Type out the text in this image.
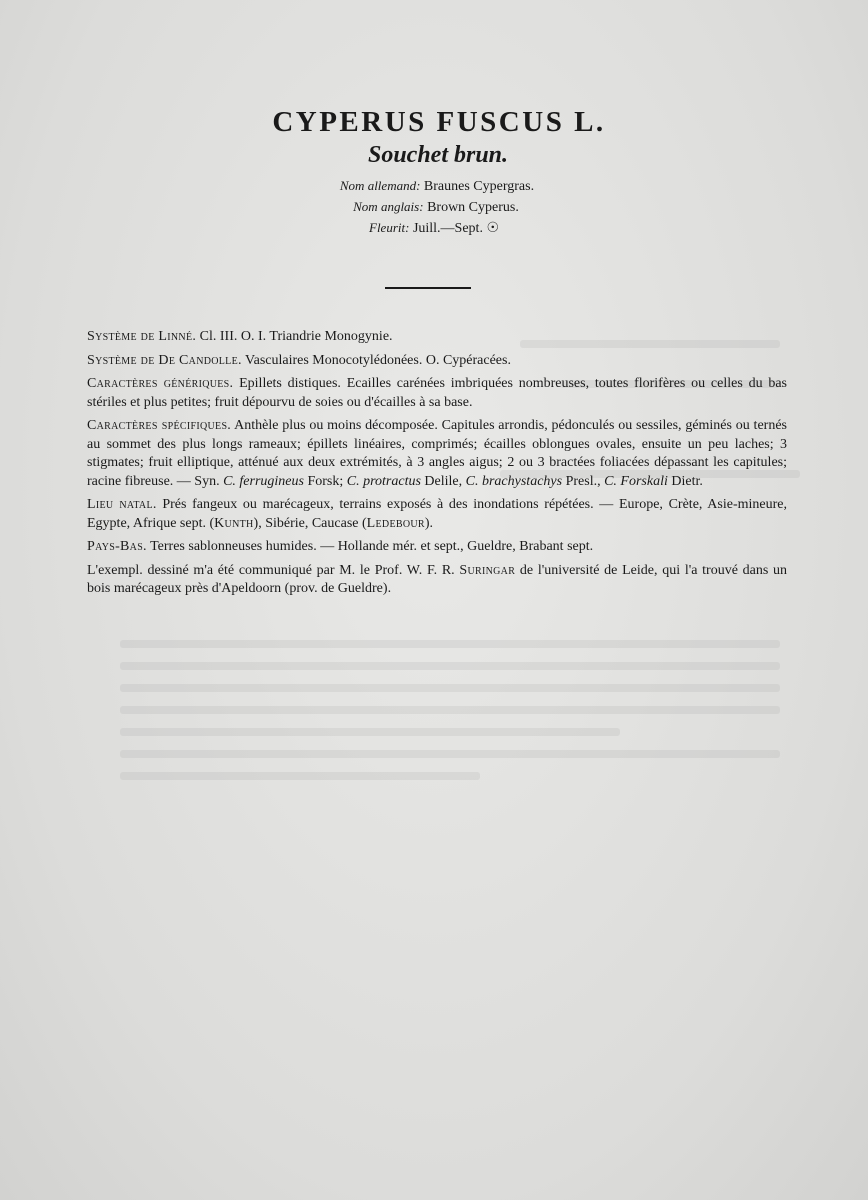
CYPERUS FUSCUS L.
Souchet brun.
Nom allemand: Braunes Cypergras.
Nom anglais: Brown Cyperus.
Fleurit: Juill.—Sept. ☉

Système de Linné. Cl. III. O. I. Triandrie Monogynie.

Système de De Candolle. Vasculaires Monocotylédonées. O. Cypéracées.

Caractères génériques. Epillets distiques. Ecailles carénées imbriquées nombreuses, toutes florifères ou celles du bas stériles et plus petites; fruit dépourvu de soies ou d'écailles à sa base.

Caractères spécifiques. Anthèle plus ou moins décomposée. Capitules arrondis, pédonculés ou sessiles, géminés ou ternés au sommet des plus longs rameaux; épillets linéaires, comprimés; écailles oblongues ovales, ensuite un peu laches; 3 stigmates; fruit elliptique, atténué aux deux extrémités, à 3 angles aigus; 2 ou 3 bractées foliacées dépassant les capitules; racine fibreuse. — Syn. C. ferrugineus Forsk; C. protractus Delile, C. brachystachys Presl., C. Forskali Dietr.

Lieu natal. Prés fangeux ou marécageux, terrains exposés à des inondations répétées. — Europe, Crète, Asie-mineure, Egypte, Afrique sept. (Kunth), Sibérie, Caucase (Ledebour).

Pays-Bas. Terres sablonneuses humides. — Hollande mér. et sept., Gueldre, Brabant sept.

L'exempl. dessiné m'a été communiqué par M. le Prof. W. F. R. Suringar de l'université de Leide, qui l'a trouvé dans un bois marécageux près d'Apeldoorn (prov. de Gueldre).
